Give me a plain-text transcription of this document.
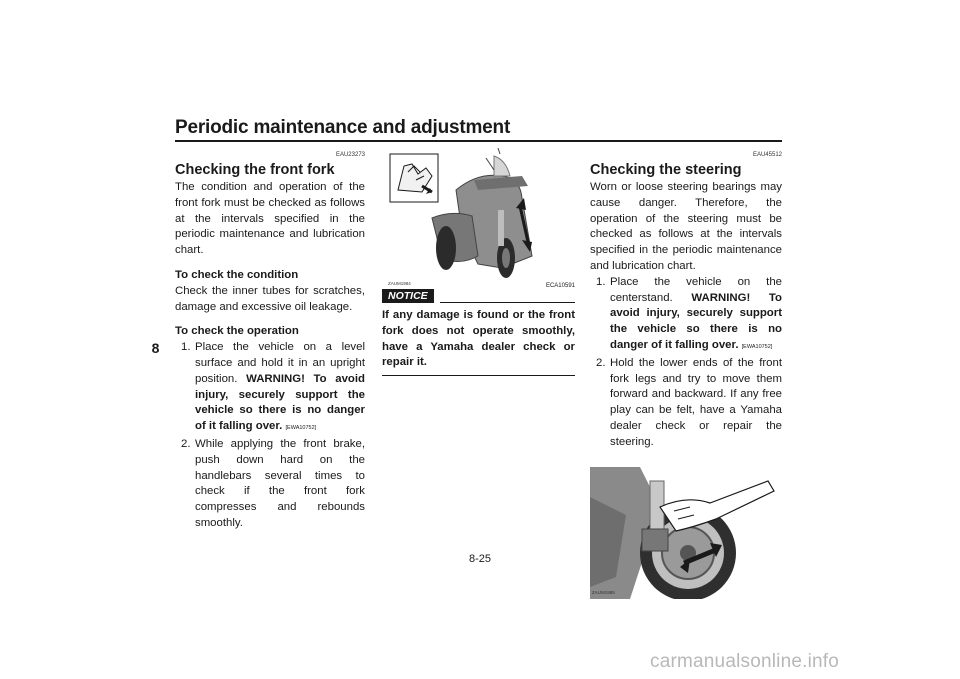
Periodic maintenance and adjustment
8
EAU23273
Checking the front fork

The condition and operation of the front fork must be checked as follows at the intervals specified in the periodic maintenance and lubrication chart.

To check the condition

Check the inner tubes for scratches, damage and excessive oil leakage.

To check the operation
1. Place the vehicle on a level surface and hold it in an upright position. WARNING! To avoid injury, securely support the vehicle so there is no danger of it falling over. [EWA10752]
2. While applying the front brake, push down hard on the handlebars several times to check if the front fork compresses and rebounds smoothly.
ZAUM1984
NOTICE
ECA10591
If any damage is found or the front fork does not operate smoothly, have a Yamaha dealer check or repair it.
EAU45512
Checking the steering

Worn or loose steering bearings may cause danger. Therefore, the operation of the steering must be checked as follows at the intervals specified in the periodic maintenance and lubrication chart.

1. Place the vehicle on the centerstand. WARNING! To avoid injury, securely support the vehicle so there is no danger of it falling over. [EWA10752]
2. Hold the lower ends of the front fork legs and try to move them forward and backward. If any free play can be felt, have a Yamaha dealer check or repair the steering.
ZAUM1985
8-25
carmanualsonline.info
